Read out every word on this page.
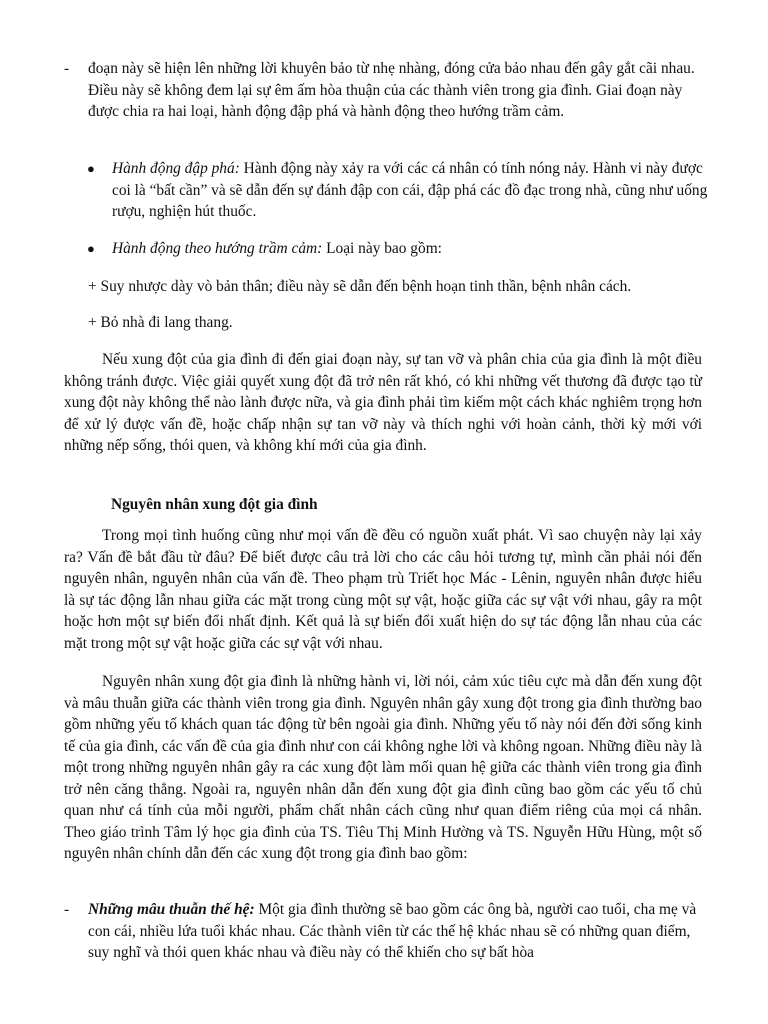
- đoạn này sẽ hiện lên những lời khuyên bảo từ nhẹ nhàng, đóng cửa bảo nhau đến gây gắt cãi nhau. Điều này sẽ không đem lại sự êm ấm hòa thuận của các thành viên trong gia đình. Giai đoạn này được chia ra hai loại, hành động đập phá và hành động theo hướng trầm cảm.
● Hành động đập phá: Hành động này xảy ra với các cá nhân có tính nóng nảy. Hành vi này được coi là “bất cần” và sẽ dẫn đến sự đánh đập con cái, đập phá các đồ đạc trong nhà, cũng như uống rượu, nghiện hút thuốc.
● Hành động theo hướng trầm cảm: Loại này bao gồm:
+ Suy nhược dày vò bản thân; điều này sẽ dẫn đến bệnh hoạn tinh thần, bệnh nhân cách.
+ Bỏ nhà đi lang thang.
Nếu xung đột của gia đình đi đến giai đoạn này, sự tan vỡ và phân chia của gia đình là một điều không tránh được. Việc giải quyết xung đột đã trở nên rất khó, có khi những vết thương đã được tạo từ xung đột này không thể nào lành được nữa, và gia đình phải tìm kiếm một cách khác nghiêm trọng hơn để xử lý được vấn đề, hoặc chấp nhận sự tan vỡ này và thích nghi với hoàn cảnh, thời kỳ mới với những nếp sống, thói quen, và không khí mới của gia đình.
Nguyên nhân xung đột gia đình
Trong mọi tình huống cũng như mọi vấn đề đều có nguồn xuất phát. Vì sao chuyện này lại xảy ra? Vấn đề bắt đầu từ đâu? Để biết được câu trả lời cho các câu hỏi tương tự, mình cần phải nói đến nguyên nhân, nguyên nhân của vấn đề. Theo phạm trù Triết học Mác - Lênin, nguyên nhân được hiểu là sự tác động lẫn nhau giữa các mặt trong cùng một sự vật, hoặc giữa các sự vật với nhau, gây ra một hoặc hơn một sự biến đổi nhất định. Kết quả là sự biến đổi xuất hiện do sự tác động lẫn nhau của các mặt trong một sự vật hoặc giữa các sự vật với nhau.
Nguyên nhân xung đột gia đình là những hành vi, lời nói, cảm xúc tiêu cực mà dẫn đến xung đột và mâu thuẫn giữa các thành viên trong gia đình. Nguyên nhân gây xung đột trong gia đình thường bao gồm những yếu tố khách quan tác động từ bên ngoài gia đình. Những yếu tố này nói đến đời sống kinh tế của gia đình, các vấn đề của gia đình như con cái không nghe lời và không ngoan. Những điều này là một trong những nguyên nhân gây ra các xung đột làm mối quan hệ giữa các thành viên trong gia đình trở nên căng thẳng. Ngoài ra, nguyên nhân dẫn đến xung đột gia đình cũng bao gồm các yếu tố chủ quan như cá tính của mỗi người, phẩm chất nhân cách cũng như quan điểm riêng của mọi cá nhân. Theo giáo trình Tâm lý học gia đình của TS. Tiêu Thị Minh Hường và TS. Nguyễn Hữu Hùng, một số nguyên nhân chính dẫn đến các xung đột trong gia đình bao gồm:
- Những mâu thuẫn thế hệ: Một gia đình thường sẽ bao gồm các ông bà, người cao tuổi, cha mẹ và con cái, nhiều lứa tuổi khác nhau. Các thành viên từ các thế hệ khác nhau sẽ có những quan điểm, suy nghĩ và thói quen khác nhau và điều này có thể khiến cho sự bất hòa
